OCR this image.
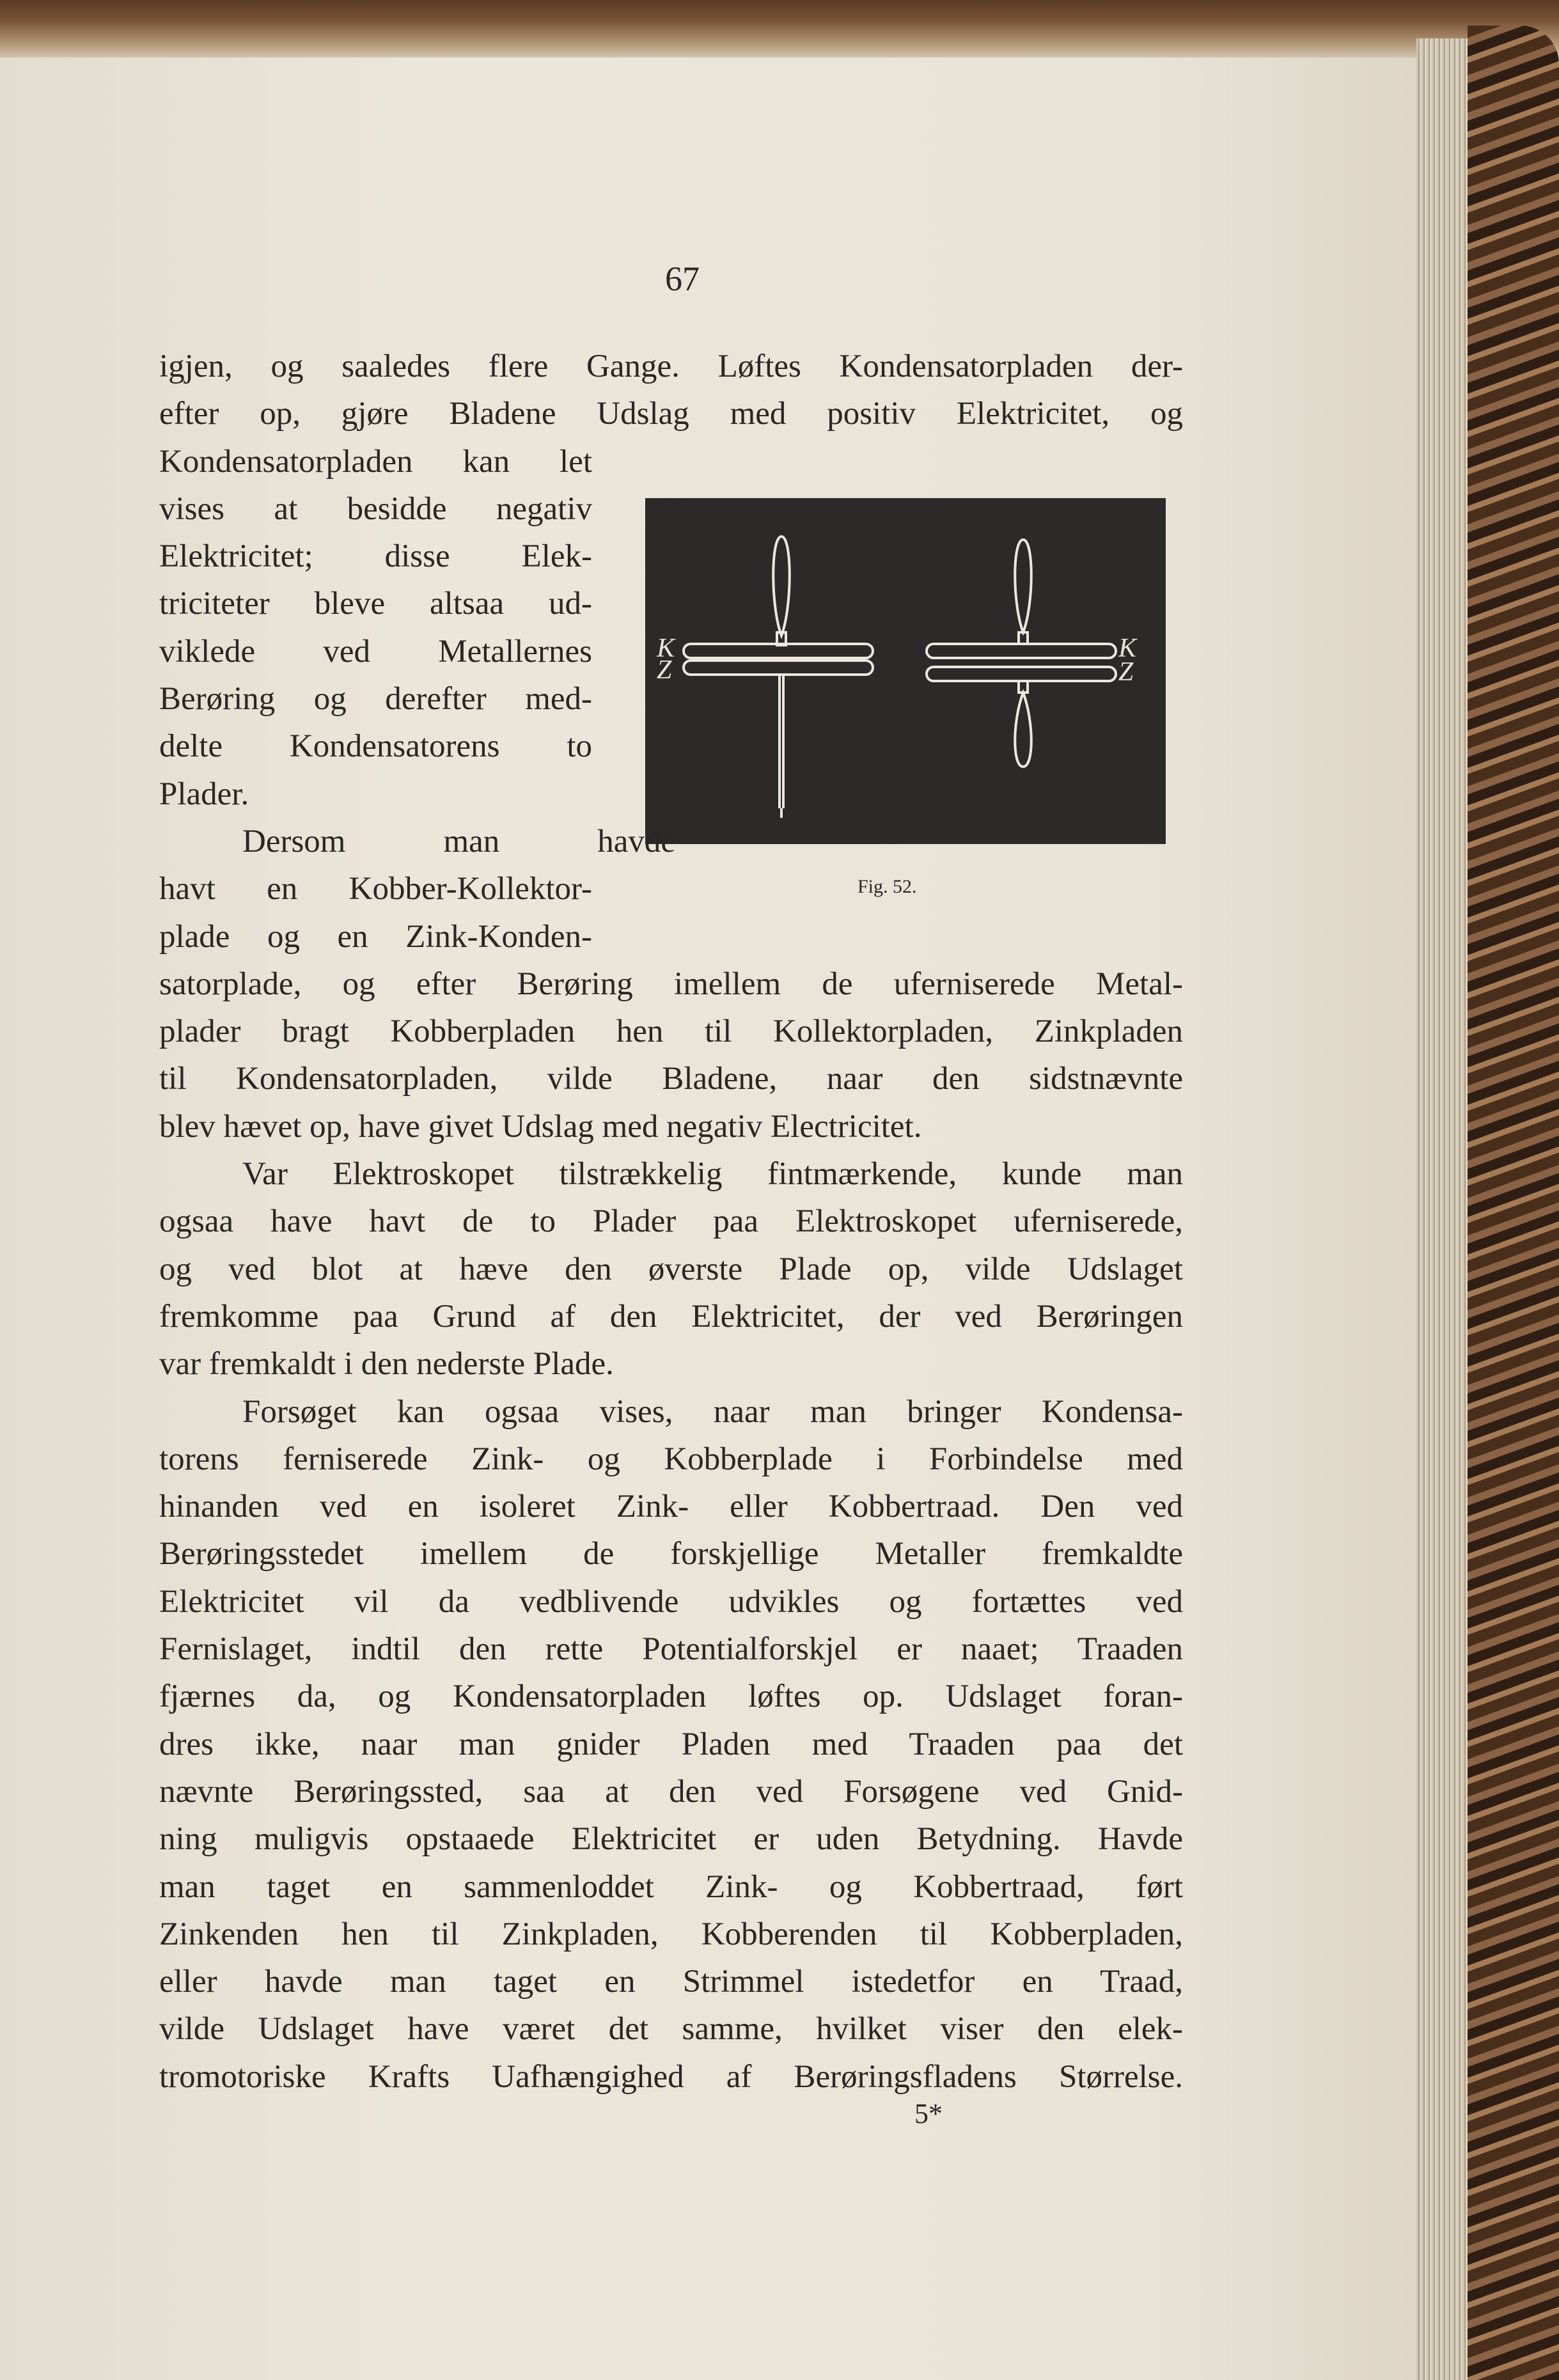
67
K
Z
K
Z
Fig. 52.
igjen, og saaledes flere Gange. Løftes Kondensatorpladen der-
efter op, gjøre Bladene Udslag med positiv Elektricitet, og
Kondensatorpladen kan let
vises at besidde negativ
Elektricitet; disse Elek-
triciteter bleve altsaa ud-
viklede ved Metallernes
Berøring og derefter med-
delte Kondensatorens to
Plader.
Dersom man havde
havt en Kobber-Kollektor-
plade og en Zink-Konden-
satorplade, og efter Berøring imellem de uferniserede Metal-
plader bragt Kobberpladen hen til Kollektorpladen, Zinkpladen
til Kondensatorpladen, vilde Bladene, naar den sidstnævnte
blev hævet op, have givet Udslag med negativ Electricitet.
Var Elektroskopet tilstrækkelig fintmærkende, kunde man
ogsaa have havt de to Plader paa Elektroskopet uferniserede,
og ved blot at hæve den øverste Plade op, vilde Udslaget
fremkomme paa Grund af den Elektricitet, der ved Berøringen
var fremkaldt i den nederste Plade.
Forsøget kan ogsaa vises, naar man bringer Kondensa-
torens ferniserede Zink- og Kobberplade i Forbindelse med
hinanden ved en isoleret Zink- eller Kobbertraad. Den ved
Berøringsstedet imellem de forskjellige Metaller fremkaldte
Elektricitet vil da vedblivende udvikles og fortættes ved
Fernislaget, indtil den rette Potentialforskjel er naaet; Traaden
fjærnes da, og Kondensatorpladen løftes op. Udslaget foran-
dres ikke, naar man gnider Pladen med Traaden paa det
nævnte Berøringssted, saa at den ved Forsøgene ved Gnid-
ning muligvis opstaaede Elektricitet er uden Betydning. Havde
man taget en sammenloddet Zink- og Kobbertraad, ført
Zinkenden hen til Zinkpladen, Kobberenden til Kobberpladen,
eller havde man taget en Strimmel istedetfor en Traad,
vilde Udslaget have været det samme, hvilket viser den elek-
tromotoriske Krafts Uafhængighed af Berøringsfladens Størrelse.
5*
